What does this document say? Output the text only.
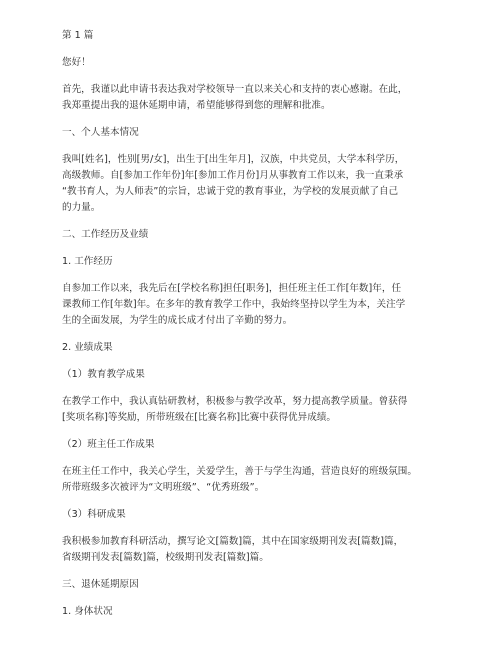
第 1 篇

您好！

首先，我谨以此申请书表达我对学校领导一直以来关心和支持的衷心感谢。在此，

我郑重提出我的退休延期申请，希望能够得到您的理解和批准。

一、个人基本情况

我叫[姓名]，性别[男/女]，出生于[出生年月]，汉族，中共党员，大学本科学历，

高级教师。自[参加工作年份]年[参加工作月份]月从事教育工作以来，我一直秉承

“教书育人，为人师表”的宗旨，忠诚于党的教育事业，为学校的发展贡献了自己

的力量。

二、工作经历及业绩

1. 工作经历

自参加工作以来，我先后在[学校名称]担任[职务]，担任班主任工作[年数]年，任

课教师工作[年数]年。在多年的教育教学工作中，我始终坚持以学生为本，关注学

生的全面发展，为学生的成长成才付出了辛勤的努力。

2. 业绩成果

（1）教育教学成果

在教学工作中，我认真钻研教材，积极参与教学改革，努力提高教学质量。曾获得

[奖项名称]等奖励，所带班级在[比赛名称]比赛中获得优异成绩。

（2）班主任工作成果

在班主任工作中，我关心学生，关爱学生，善于与学生沟通，营造良好的班级氛围。

所带班级多次被评为“文明班级”、“优秀班级”。

（3）科研成果

我积极参加教育科研活动，撰写论文[篇数]篇，其中在国家级期刊发表[篇数]篇，

省级期刊发表[篇数]篇，校级期刊发表[篇数]篇。

三、退休延期原因

1. 身体状况
